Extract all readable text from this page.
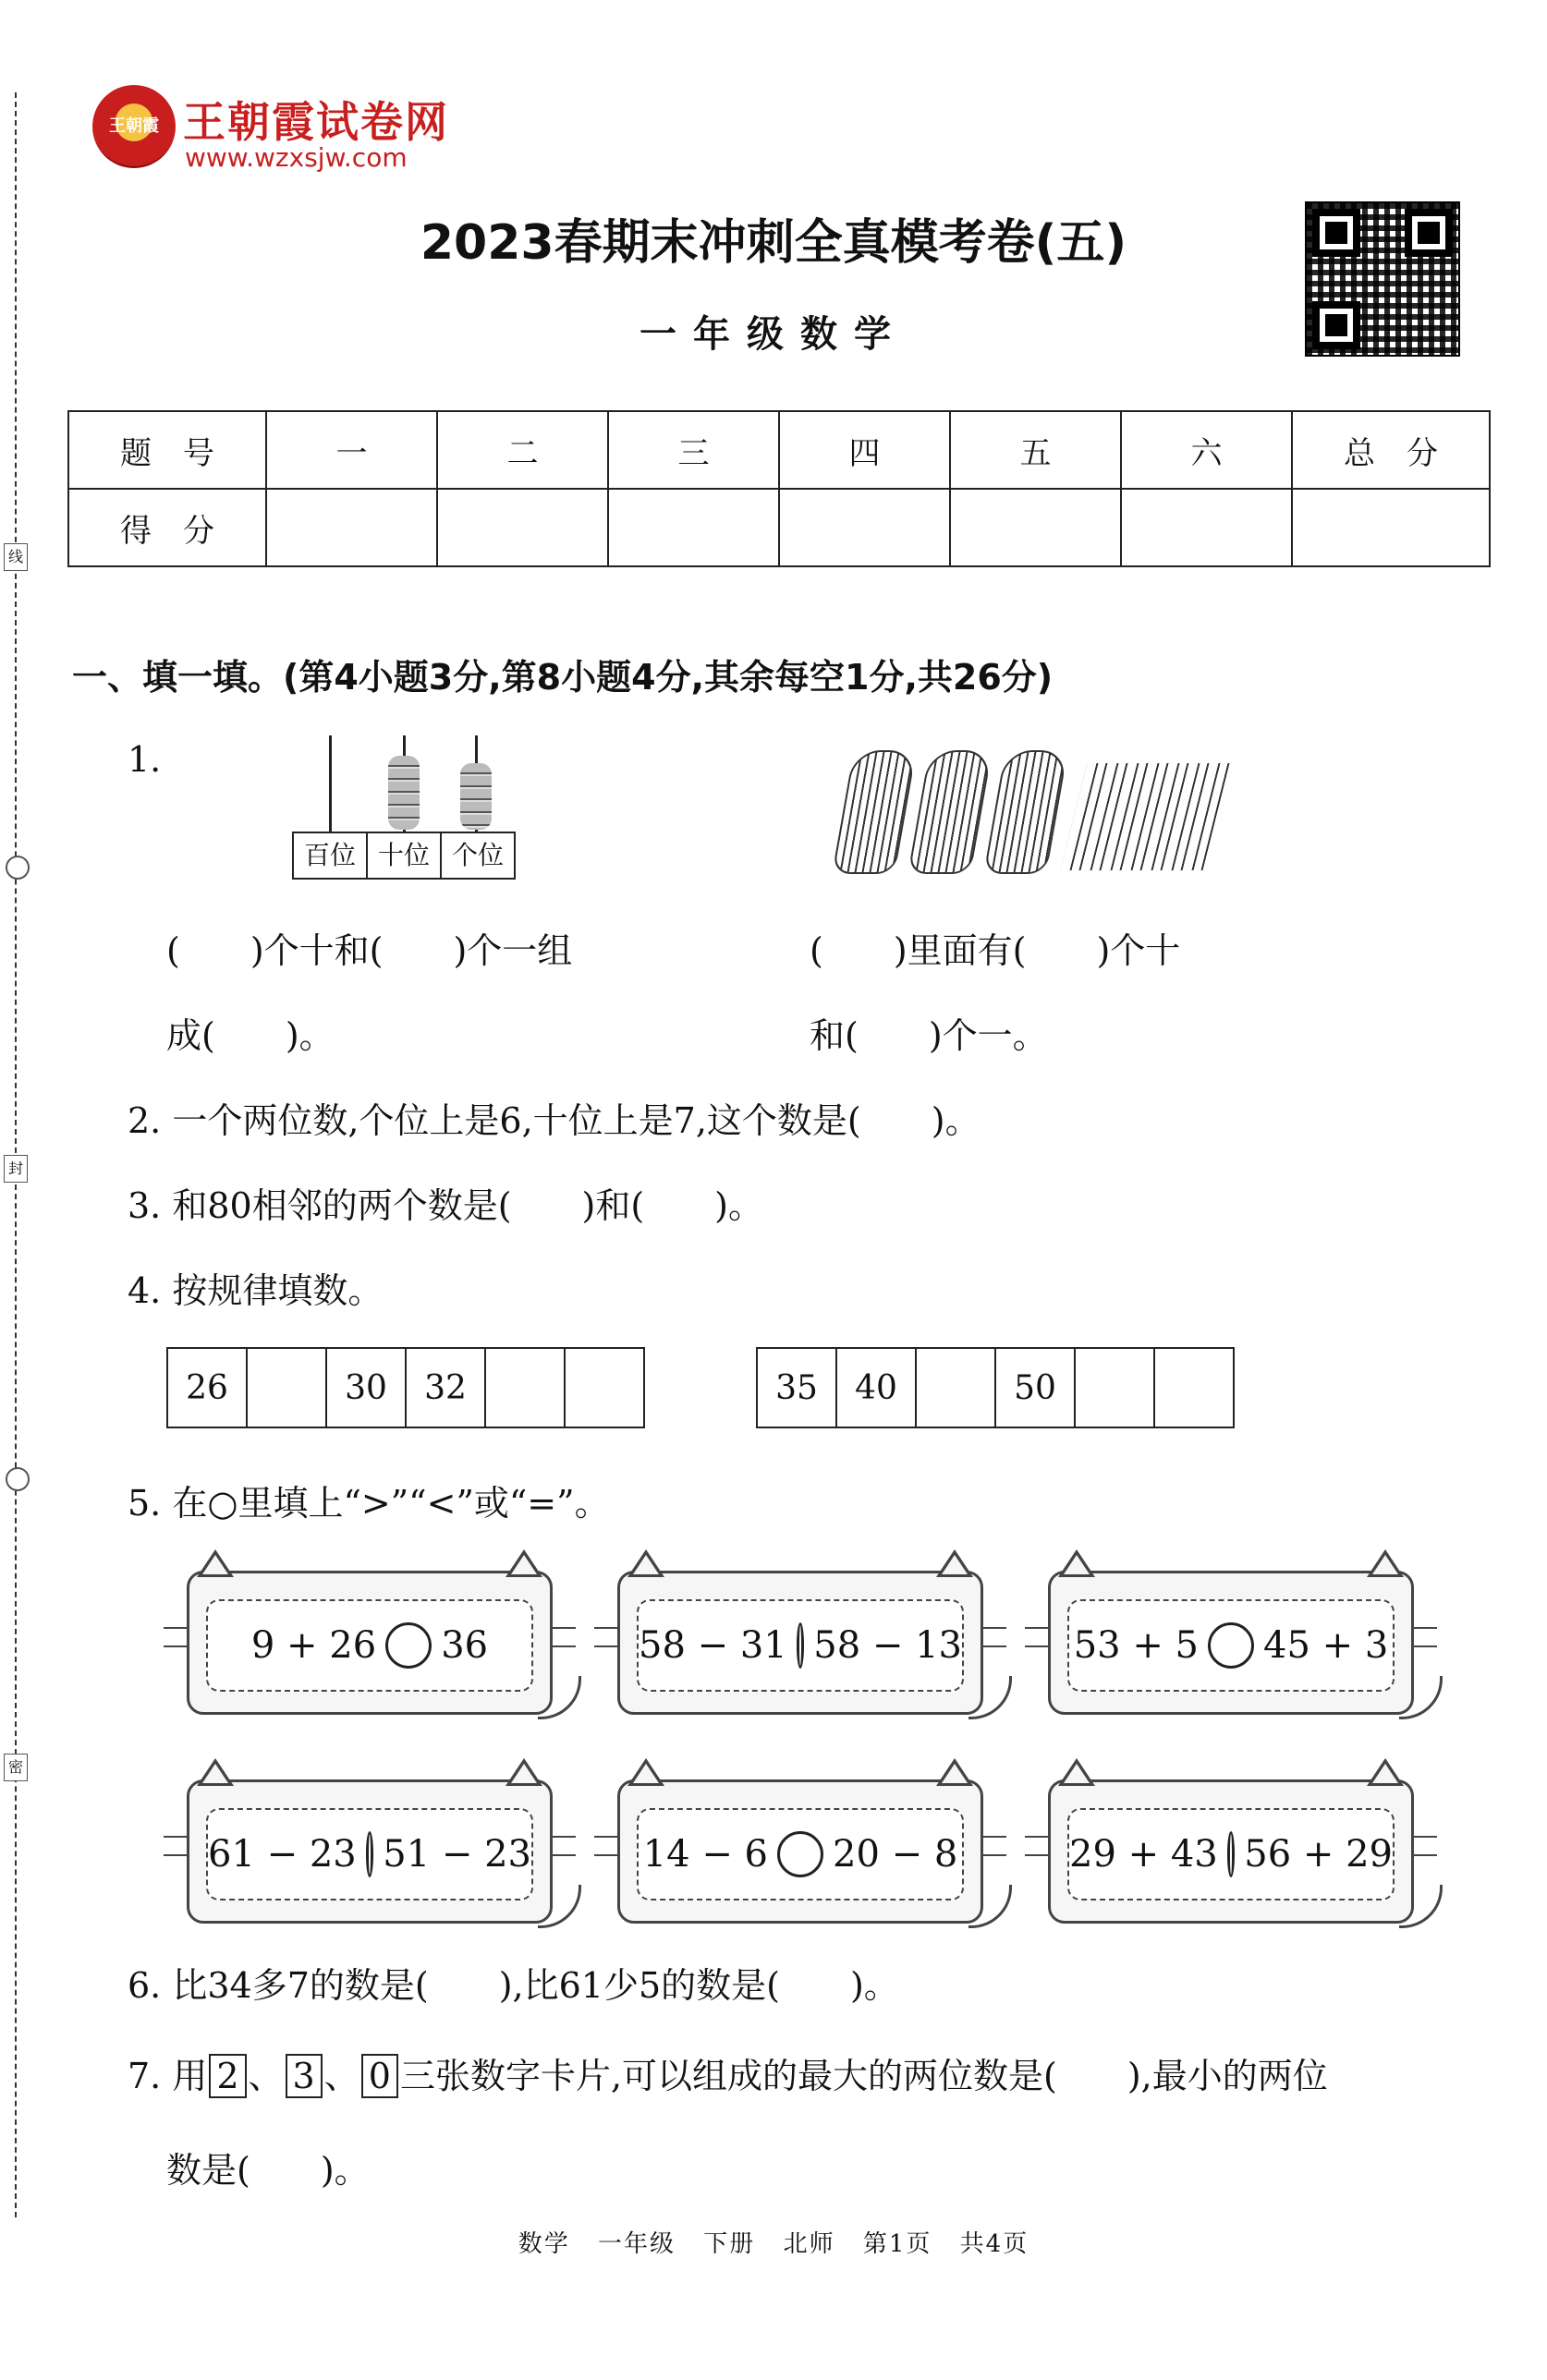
线
封
密
王朝霞 王朝霞试卷网
www.wzxsjw.com
2023春期末冲刺全真模考卷(五)
一年级数学
题　号	一	二	三	四	五	六	总　分
得　分							
一、填一填。(第4小题3分,第8小题4分,其余每空1分,共26分)
1.
百位 十位 个位
(　　)个十和(　　)个一组
成(　　)。
(　　)里面有(　　)个十
和(　　)个一。
2. 一个两位数,个位上是6,十位上是7,这个数是(　　)。
3. 和80相邻的两个数是(　　)和(　　)。
4. 按规律填数。
26		30	32			35	40		50		
5. 在○里填上“>”“<”或“=”。
9 + 26 36	58 − 31 58 − 13	53 + 5 45 + 3
61 − 23 51 − 23	14 − 6 20 − 8	29 + 43 56 + 29
6. 比34多7的数是(　　),比61少5的数是(　　)。
7. 用 2 、 3 、 0 三张数字卡片,可以组成的最大的两位数是(　　),最小的两位
数是(　　)。
数学 一年级 下册 北师 第1页 共4页
